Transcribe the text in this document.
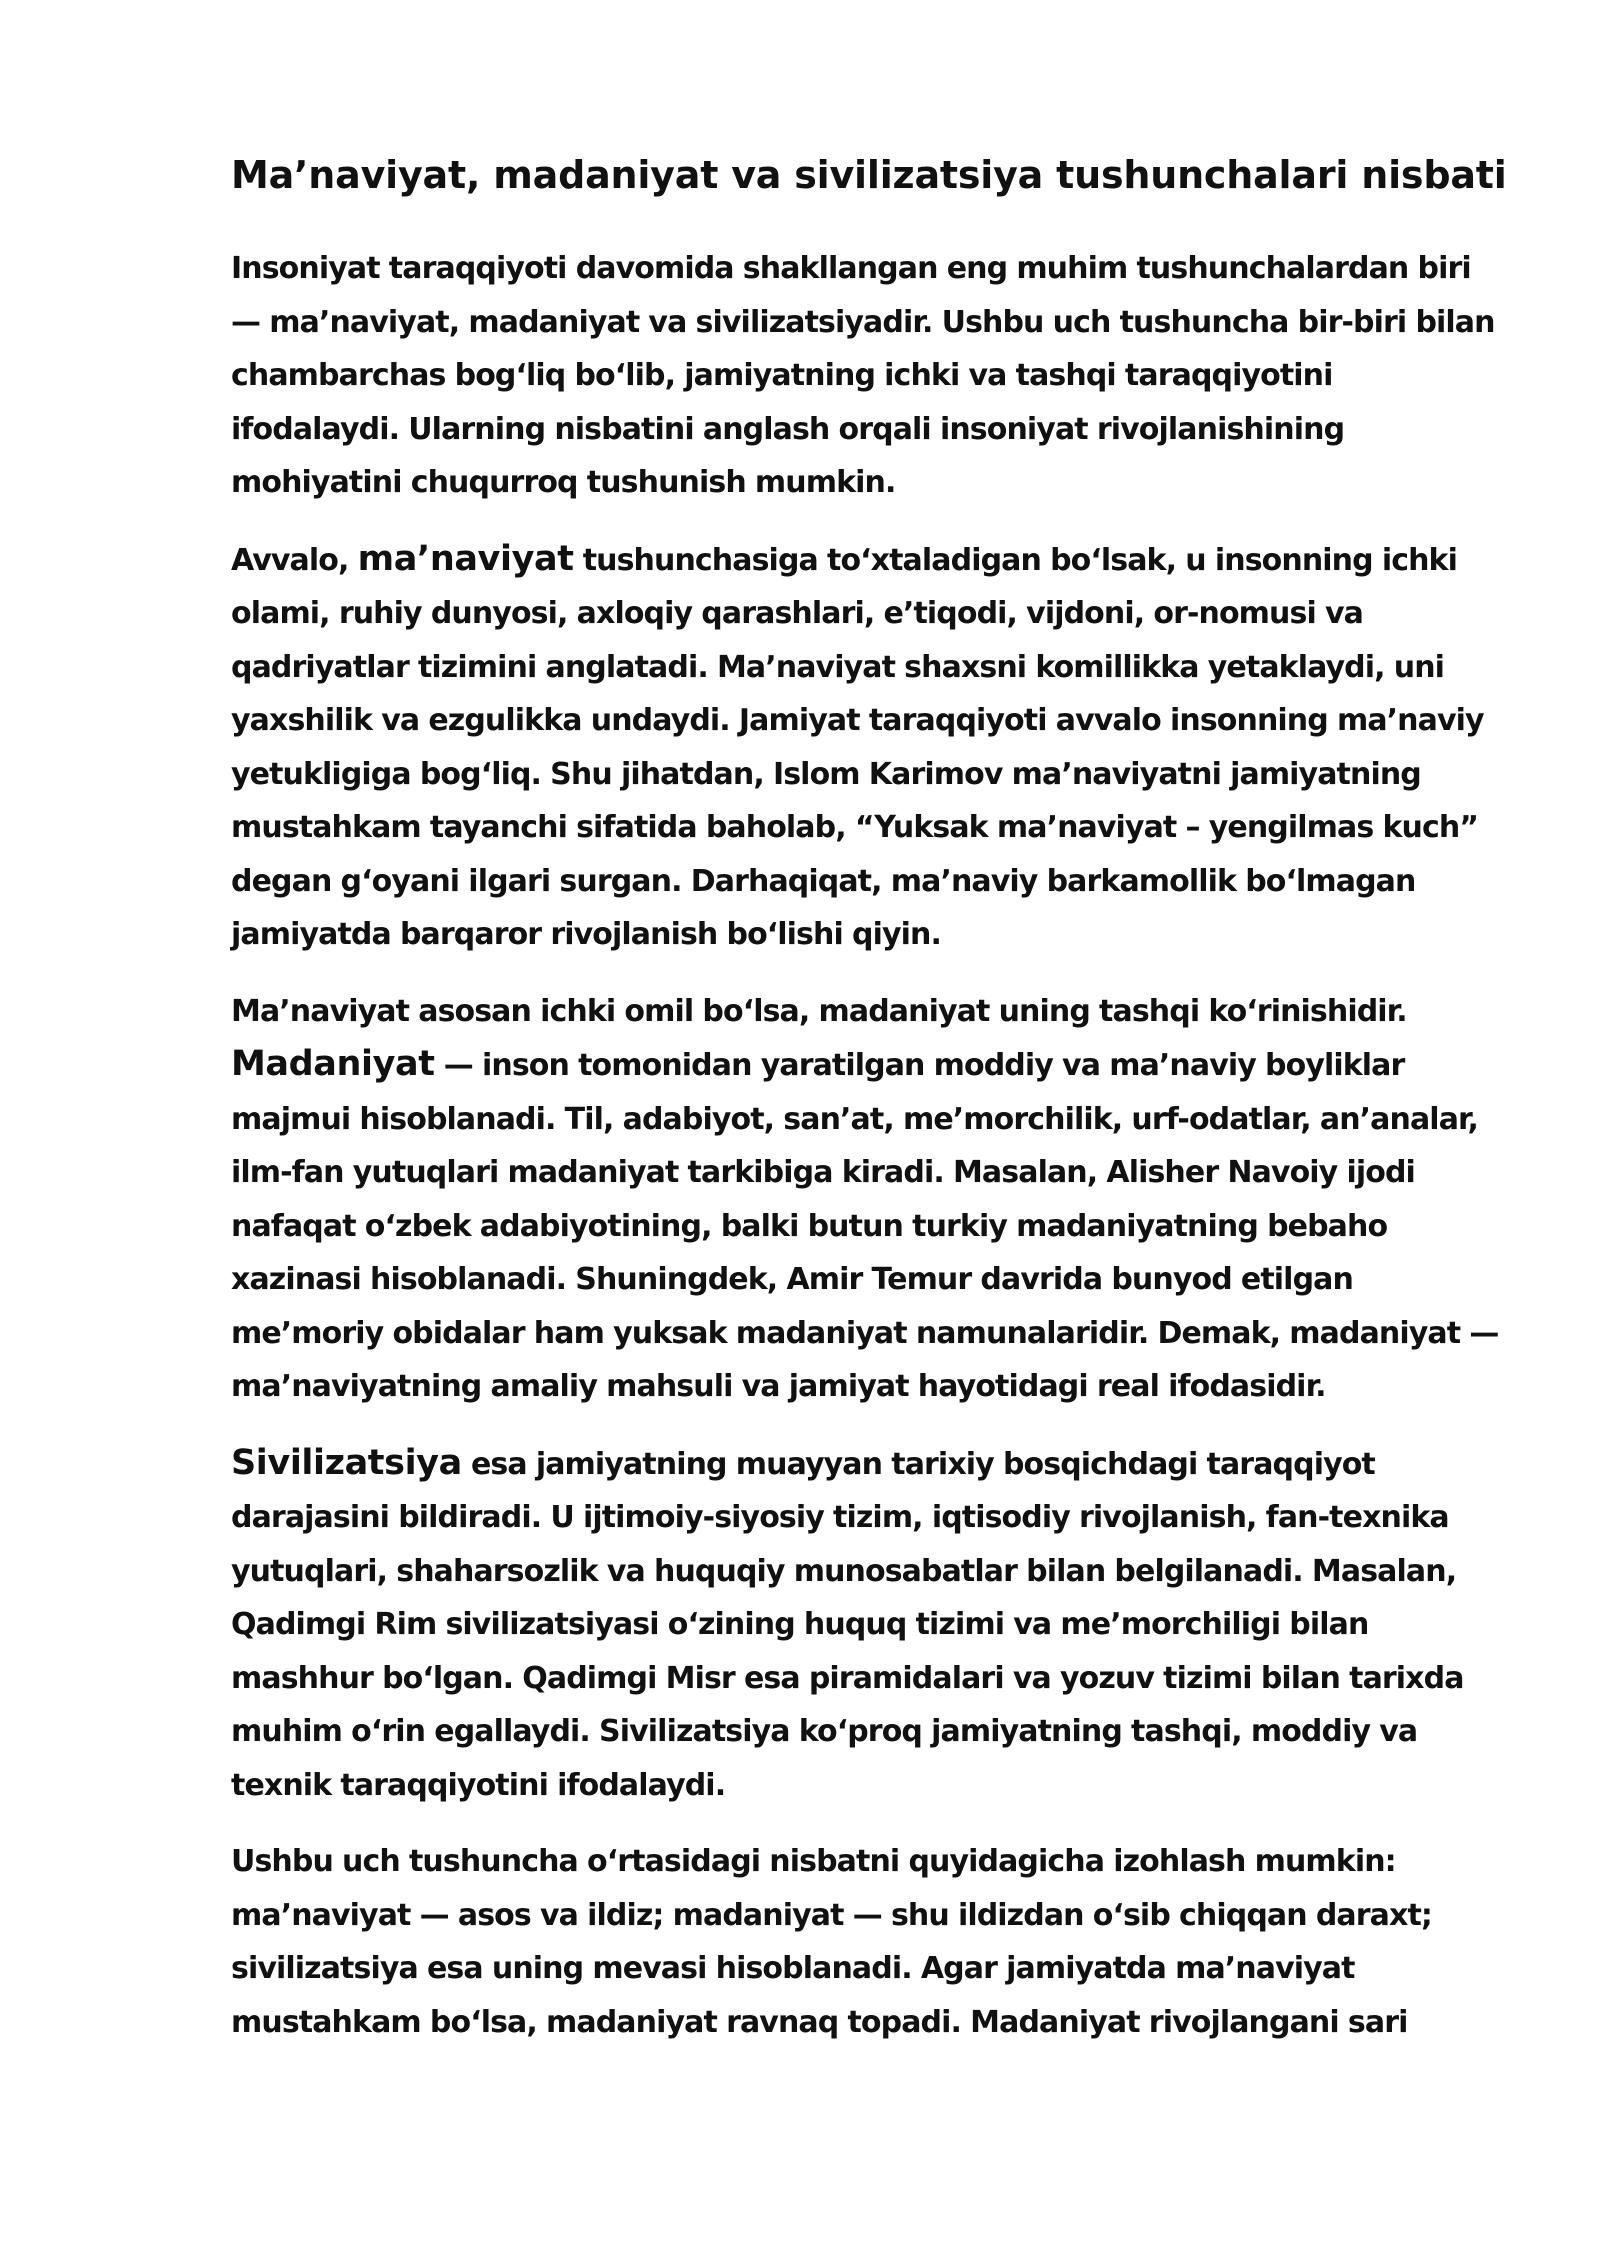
Ma’naviyat, madaniyat va sivilizatsiya tushunchalari nisbati

Insoniyat taraqqiyoti davomida shakllangan eng muhim tushunchalardan biri — ma’naviyat, madaniyat va sivilizatsiyadir. Ushbu uch tushuncha bir-biri bilan chambarchas bog‘liq bo‘lib, jamiyatning ichki va tashqi taraqqiyotini ifodalaydi. Ularning nisbatini anglash orqali insoniyat rivojlanishining mohiyatini chuqurroq tushunish mumkin.

Avvalo, ma’naviyat tushunchasiga to‘xtaladigan bo‘lsak, u insonning ichki olami, ruhiy dunyosi, axloqiy qarashlari, e’tiqodi, vijdoni, or-nomusi va qadriyatlar tizimini anglatadi. Ma’naviyat shaxsni komillikka yetaklaydi, uni yaxshilik va ezgulikka undaydi. Jamiyat taraqqiyoti avvalo insonning ma’naviy yetukligiga bog‘liq. Shu jihatdan, Islom Karimov ma’naviyatni jamiyatning mustahkam tayanchi sifatida baholab, “Yuksak ma’naviyat – yengilmas kuch” degan g‘oyani ilgari surgan. Darhaqiqat, ma’naviy barkamollik bo‘lmagan jamiyatda barqaror rivojlanish bo‘lishi qiyin.

Ma’naviyat asosan ichki omil bo‘lsa, madaniyat uning tashqi ko‘rinishidir. Madaniyat — inson tomonidan yaratilgan moddiy va ma’naviy boyliklar majmui hisoblanadi. Til, adabiyot, san’at, me’morchilik, urf-odatlar, an’analar, ilm-fan yutuqlari madaniyat tarkibiga kiradi. Masalan, Alisher Navoiy ijodi nafaqat o‘zbek adabiyotining, balki butun turkiy madaniyatning bebaho xazinasi hisoblanadi. Shuningdek, Amir Temur davrida bunyod etilgan me’moriy obidalar ham yuksak madaniyat namunalaridir. Demak, madaniyat — ma’naviyatning amaliy mahsuli va jamiyat hayotidagi real ifodasidir.

Sivilizatsiya esa jamiyatning muayyan tarixiy bosqichdagi taraqqiyot darajasini bildiradi. U ijtimoiy-siyosiy tizim, iqtisodiy rivojlanish, fan-texnika yutuqlari, shaharsozlik va huquqiy munosabatlar bilan belgilanadi. Masalan, Qadimgi Rim sivilizatsiyasi o‘zining huquq tizimi va me’morchiligi bilan mashhur bo‘lgan. Qadimgi Misr esa piramidalari va yozuv tizimi bilan tarixda muhim o‘rin egallaydi. Sivilizatsiya ko‘proq jamiyatning tashqi, moddiy va texnik taraqqiyotini ifodalaydi.

Ushbu uch tushuncha o‘rtasidagi nisbatni quyidagicha izohlash mumkin: ma’naviyat — asos va ildiz; madaniyat — shu ildizdan o‘sib chiqqan daraxt; sivilizatsiya esa uning mevasi hisoblanadi. Agar jamiyatda ma’naviyat mustahkam bo‘lsa, madaniyat ravnaq topadi. Madaniyat rivojlangani sari
